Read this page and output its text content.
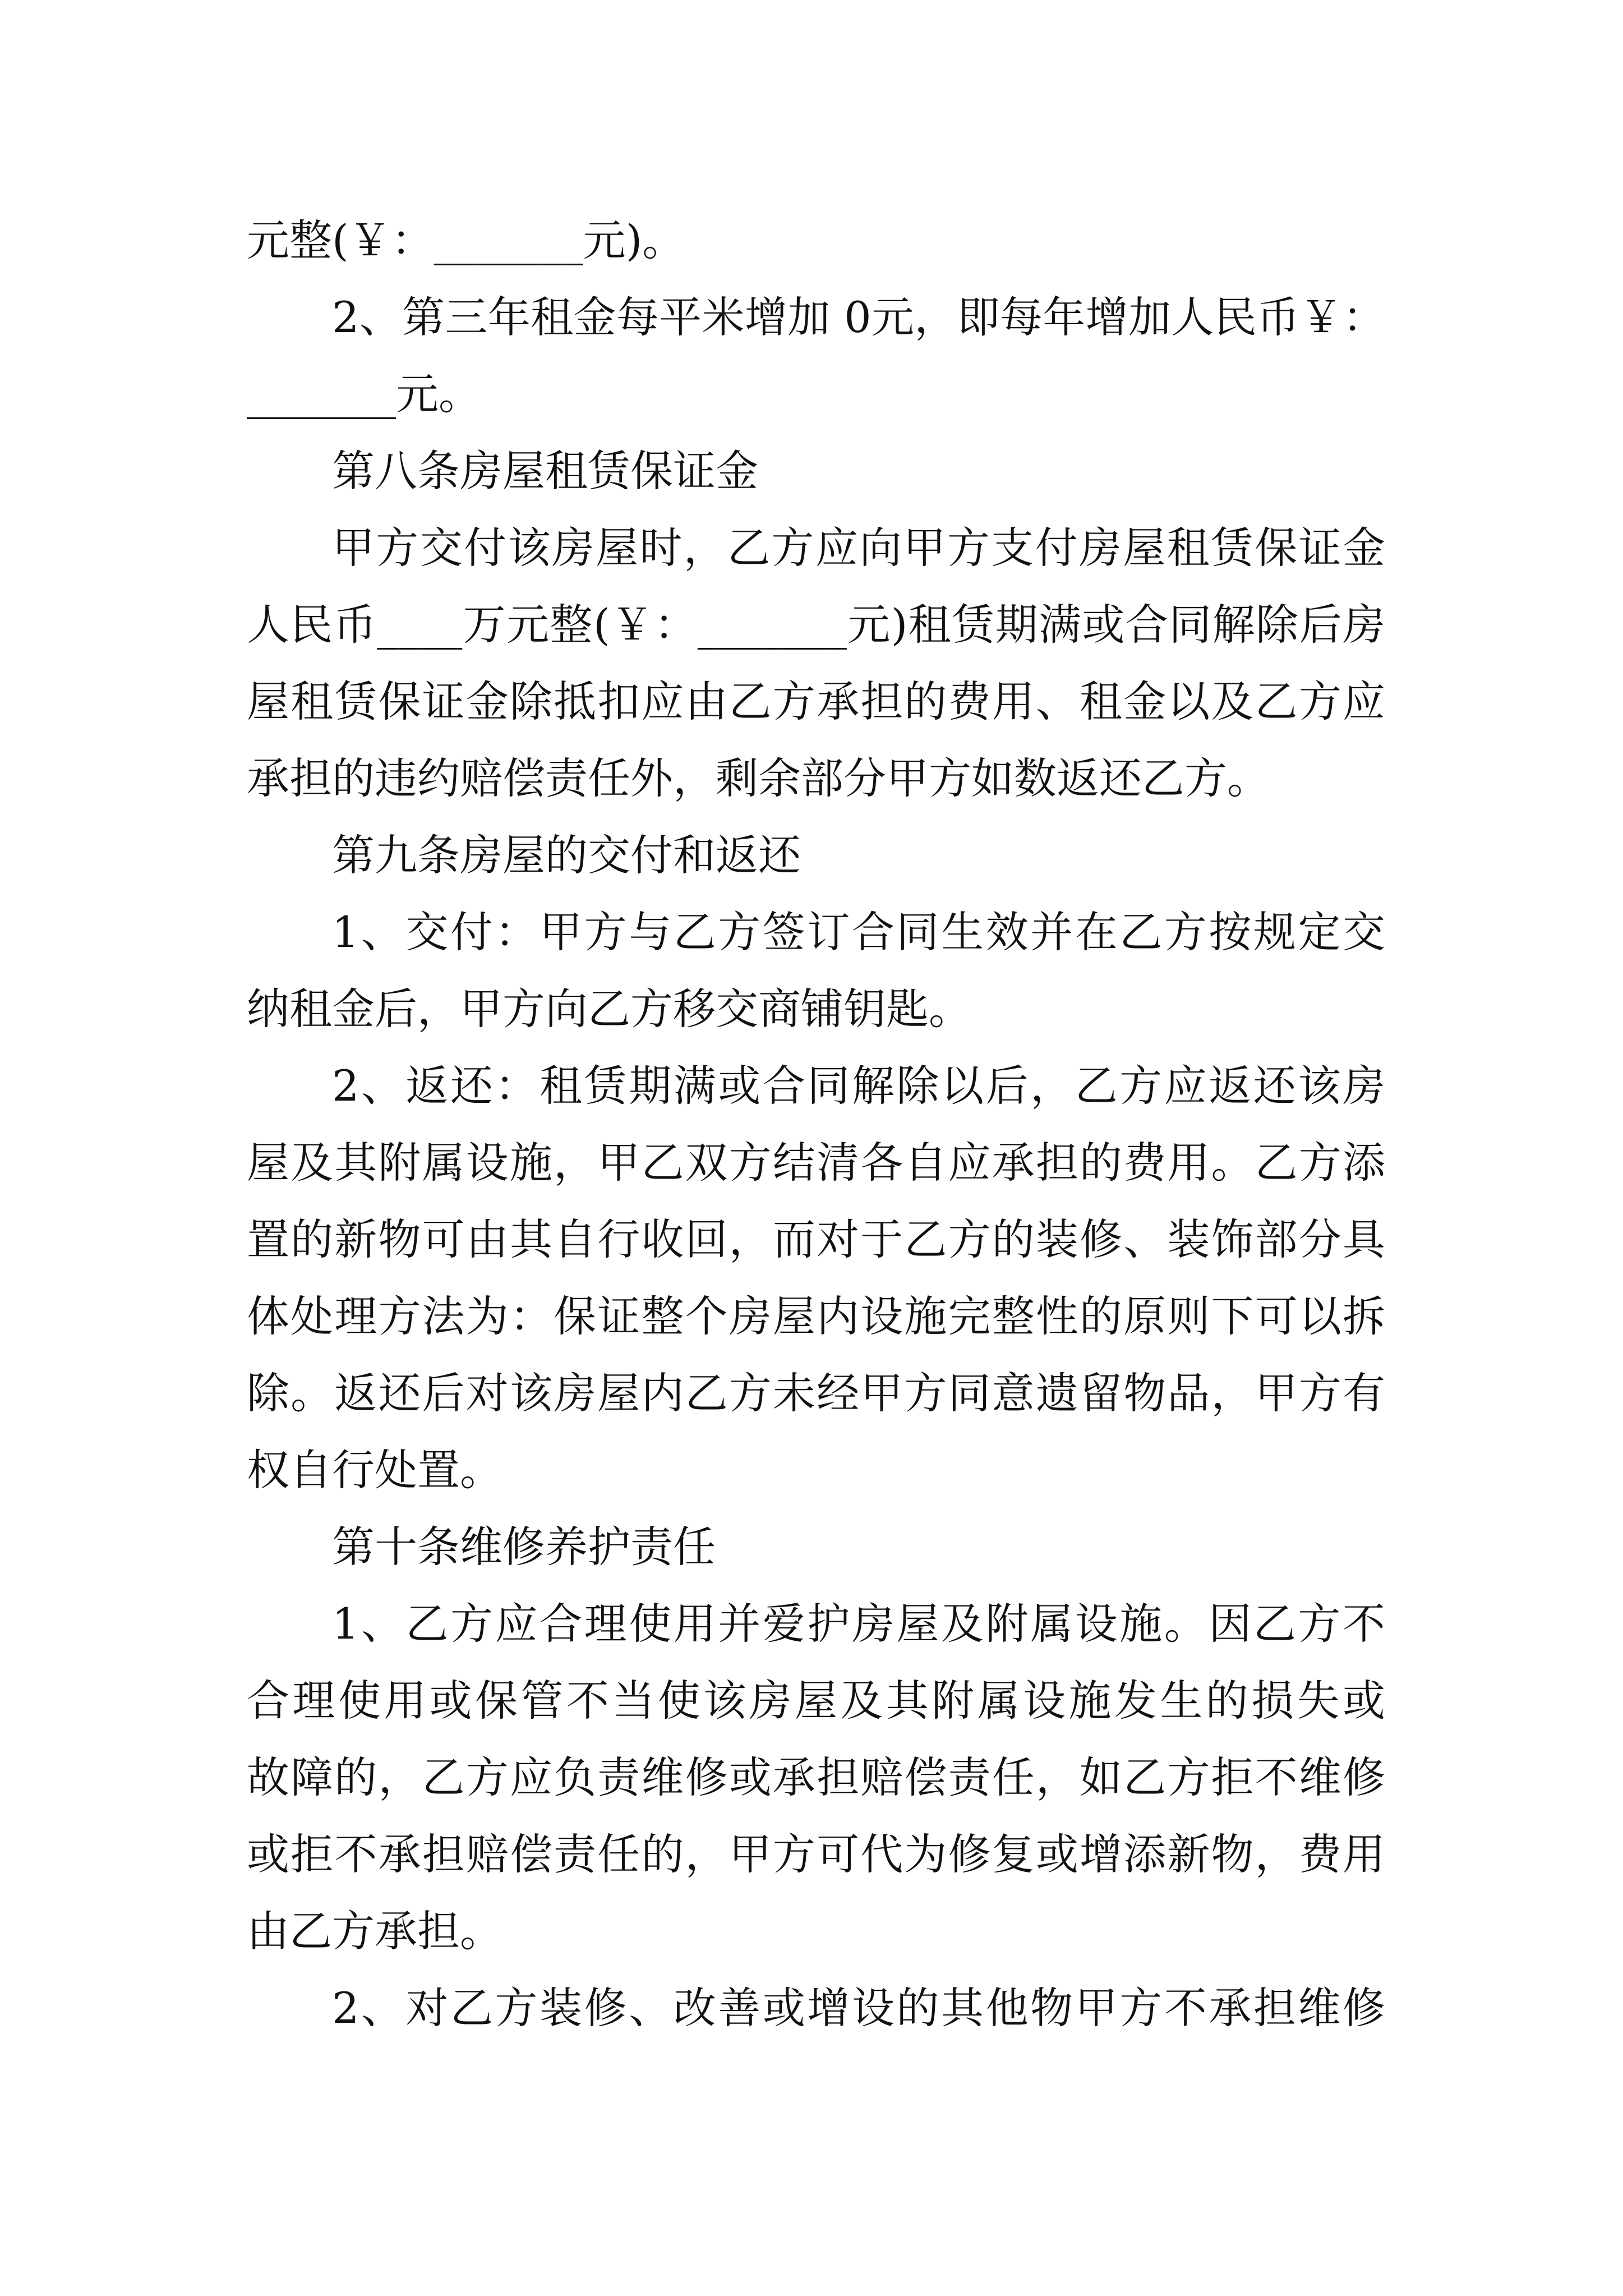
元整(￥：_______元)。
2、第三年租金每平米增加 0元，即每年增加人民币￥：
_______元。
第八条房屋租赁保证金
甲方交付该房屋时，乙方应向甲方支付房屋租赁保证金
人民币____万元整(￥：_______元)租赁期满或合同解除后房
屋租赁保证金除抵扣应由乙方承担的费用、租金以及乙方应
承担的违约赔偿责任外，剩余部分甲方如数返还乙方。
第九条房屋的交付和返还
1、交付：甲方与乙方签订合同生效并在乙方按规定交
纳租金后，甲方向乙方移交商铺钥匙。
2、返还：租赁期满或合同解除以后，乙方应返还该房
屋及其附属设施，甲乙双方结清各自应承担的费用。乙方添
置的新物可由其自行收回，而对于乙方的装修、装饰部分具
体处理方法为：保证整个房屋内设施完整性的原则下可以拆
除。返还后对该房屋内乙方未经甲方同意遗留物品，甲方有
权自行处置。
第十条维修养护责任
1、乙方应合理使用并爱护房屋及附属设施。因乙方不
合理使用或保管不当使该房屋及其附属设施发生的损失或
故障的，乙方应负责维修或承担赔偿责任，如乙方拒不维修
或拒不承担赔偿责任的，甲方可代为修复或增添新物，费用
由乙方承担。
2、对乙方装修、改善或增设的其他物甲方不承担维修
